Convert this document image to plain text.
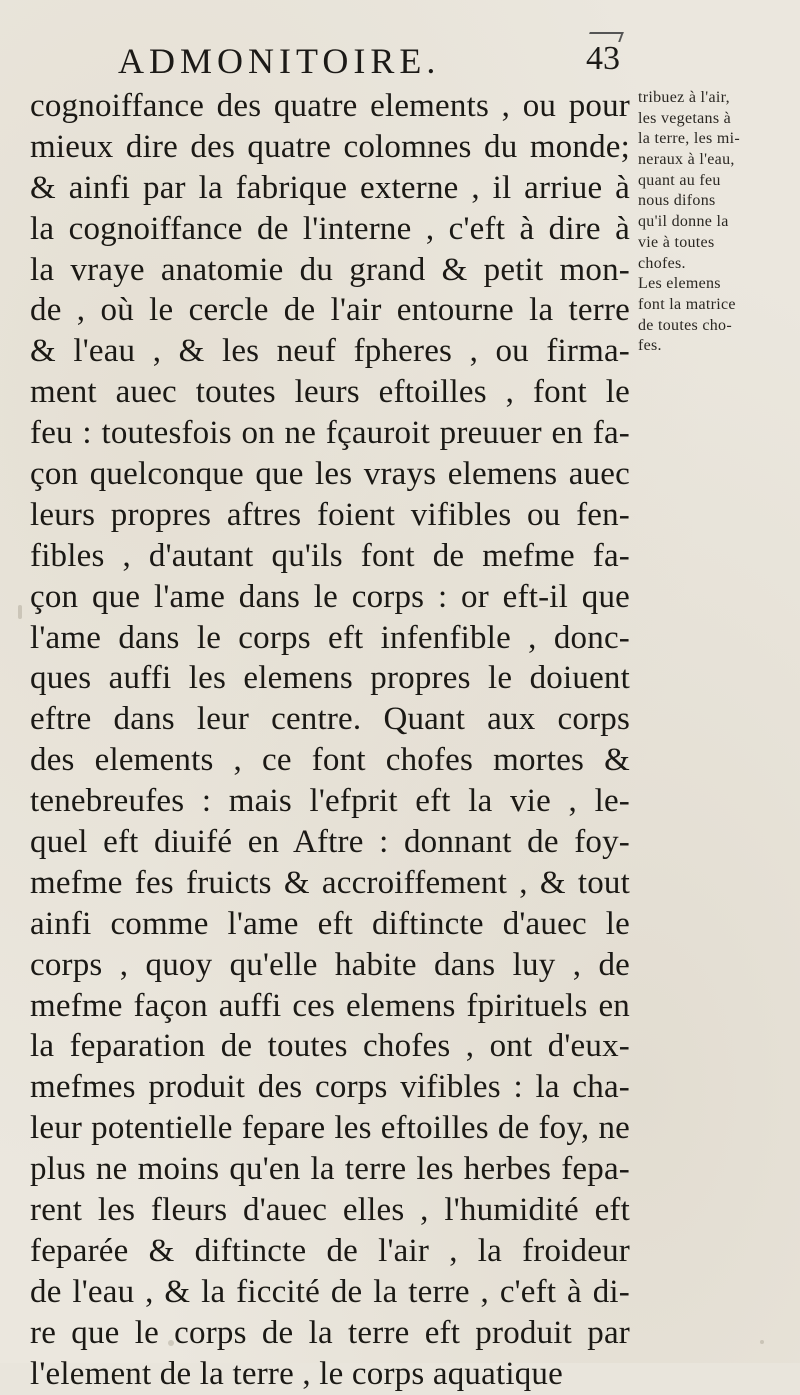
ADMONITOIRE.	43
cognoiffance des quatre elements , ou pour
mieux dire des quatre colomnes du monde;
& ainfi par la fabrique externe , il arriue à
la cognoiffance de l'interne , c'eft à dire à
la vraye anatomie du grand & petit mon-
de , où le cercle de l'air entourne la terre
& l'eau , & les neuf fpheres , ou firma-
ment auec toutes leurs eftoilles , font le
feu : toutesfois on ne fçauroit preuuer en fa-
çon quelconque que les vrays elemens auec
leurs propres aftres foient vifibles ou fen-
fibles , d'autant qu'ils font de mefme fa-
çon que l'ame dans le corps : or eft-il que
l'ame dans le corps eft infenfible , donc-
ques auffi les elemens propres le doiuent
eftre dans leur centre. Quant aux corps
des elements , ce font chofes mortes &
tenebreufes : mais l'efprit eft la vie , le-
quel eft diuifé en Aftre : donnant de foy-
mefme fes fruicts & accroiffement , & tout
ainfi comme l'ame eft diftincte d'auec le
corps , quoy qu'elle habite dans luy , de
mefme façon auffi ces elemens fpirituels en
la feparation de toutes chofes , ont d'eux-
mefmes produit des corps vifibles : la cha-
leur potentielle fepare les eftoilles de foy, ne
plus ne moins qu'en la terre les herbes fepa-
rent les fleurs d'auec elles , l'humidité eft
feparée & diftincte de l'air , la froideur
de l'eau , & la ficcité de la terre , c'eft à di-
re que le corps de la terre eft produit par
l'element de la terre , le corps aquatique
tribuez à l'air,
les vegetans à
la terre, les mi-
neraux à l'eau,
quant au feu
nous difons
qu'il donne la
vie à toutes
chofes.
Les elemens
font la matrice
de toutes cho-
fes.
